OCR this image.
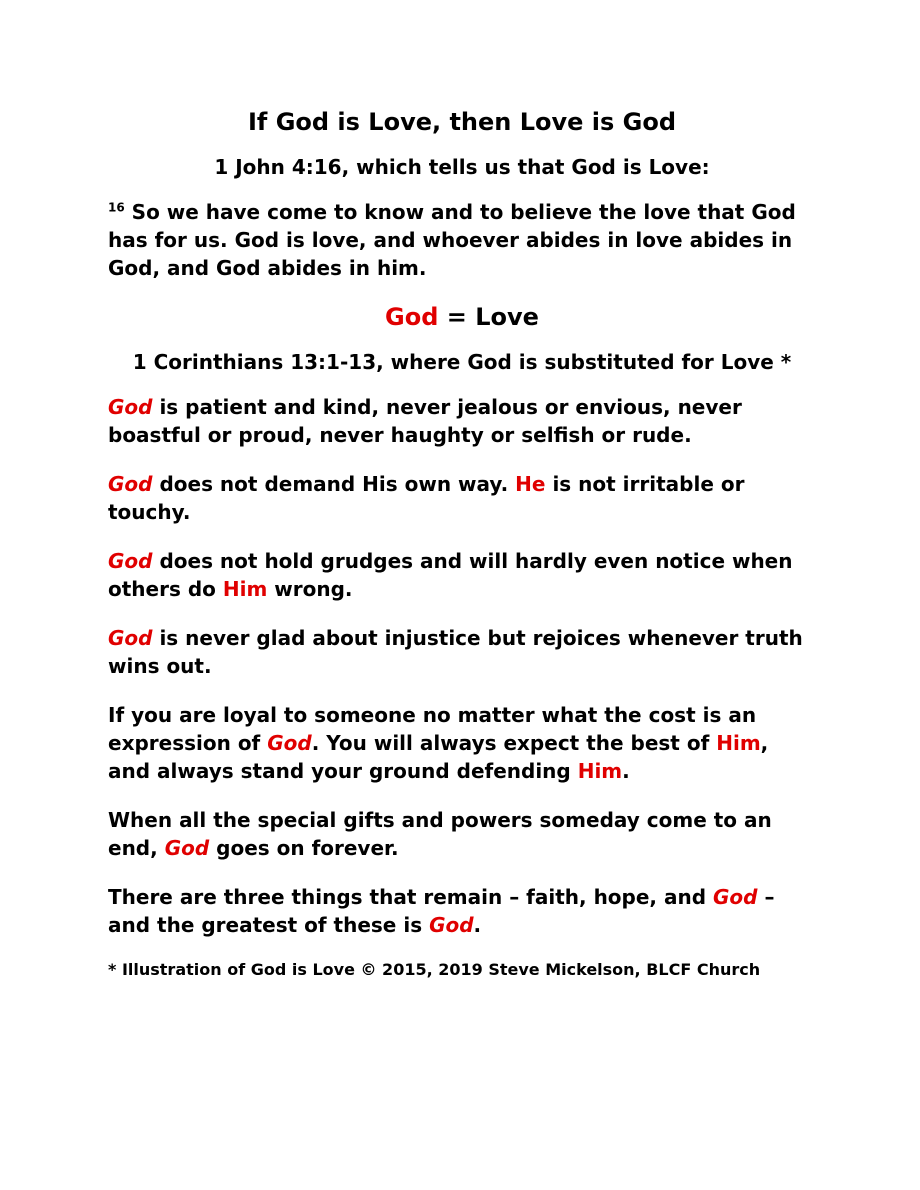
If God is Love, then Love is God
1 John 4:16, which tells us that God is Love:

$^{16}$ So we have come to know and to believe the love that God has for us. God is love, and whoever abides in love abides in God, and God abides in him.

God = Love
1 Corinthians 13:1-13, where God is substituted for Love *

God is patient and kind, never jealous or envious, never boastful or proud, never haughty or selfish or rude.

God does not demand His own way. He is not irritable or touchy.

God does not hold grudges and will hardly even notice when others do Him wrong.

God is never glad about injustice but rejoices whenever truth wins out.

If you are loyal to someone no matter what the cost is an expression of God. You will always expect the best of Him, and always stand your ground defending Him.

When all the special gifts and powers someday come to an end, God goes on forever.

There are three things that remain – faith, hope, and God – and the greatest of these is God.

* Illustration of God is Love © 2015, 2019 Steve Mickelson, BLCF Church
